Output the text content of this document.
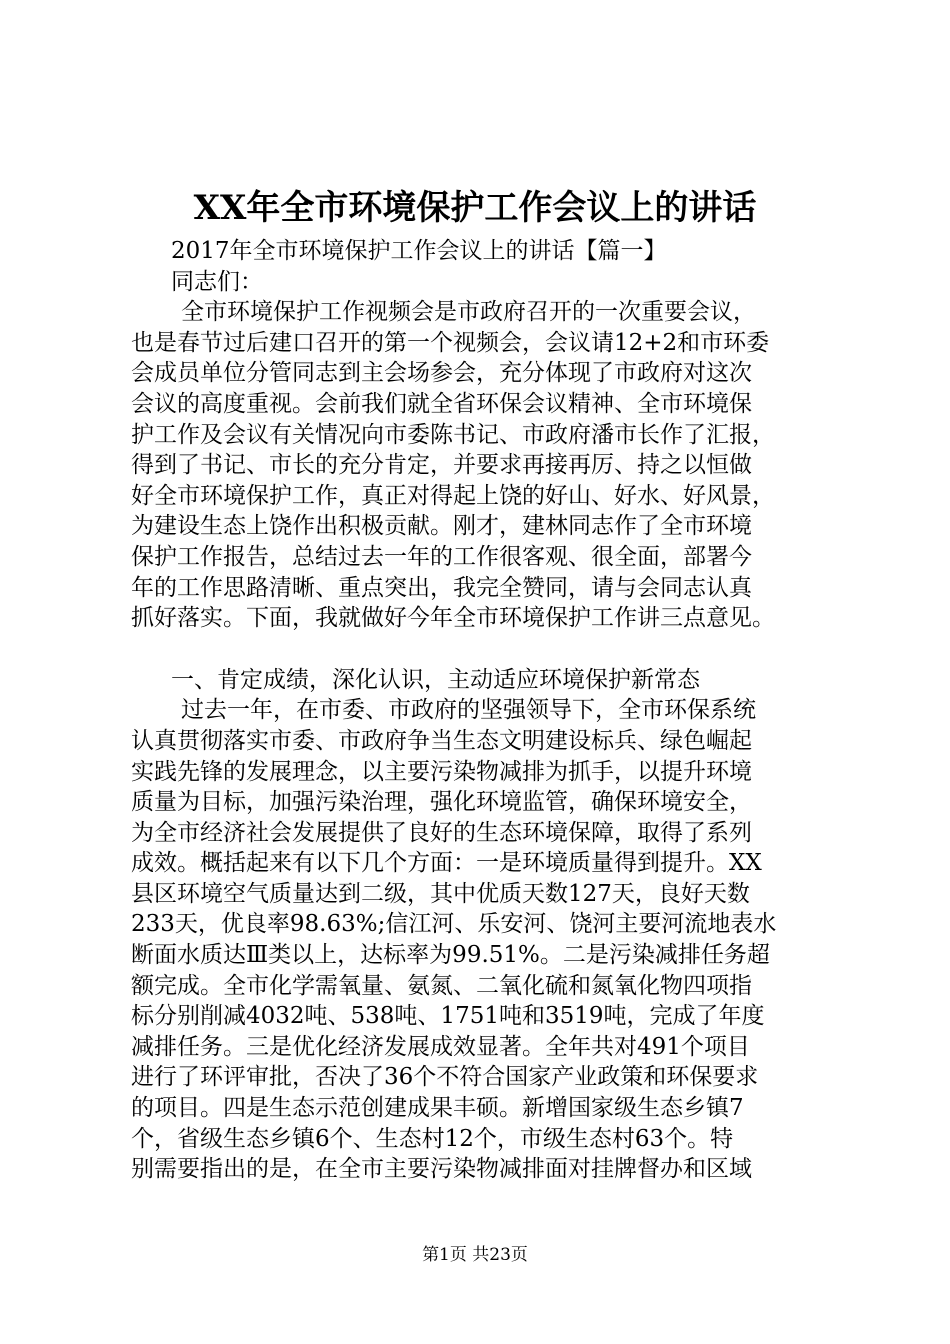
XX年全市环境保护工作会议上的讲话
2017年全市环境保护工作会议上的讲话【篇一】
同志们：
全市环境保护工作视频会是市政府召开的一次重要会议，
也是春节过后建口召开的第一个视频会，会议请12+2和市环委
会成员单位分管同志到主会场参会，充分体现了市政府对这次
会议的高度重视。会前我们就全省环保会议精神、全市环境保
护工作及会议有关情况向市委陈书记、市政府潘市长作了汇报，
得到了书记、市长的充分肯定，并要求再接再厉、持之以恒做
好全市环境保护工作，真正对得起上饶的好山、好水、好风景，
为建设生态上饶作出积极贡献。刚才，建林同志作了全市环境
保护工作报告，总结过去一年的工作很客观、很全面，部署今
年的工作思路清晰、重点突出，我完全赞同，请与会同志认真
抓好落实。下面，我就做好今年全市环境保护工作讲三点意见。
一、肯定成绩，深化认识，主动适应环境保护新常态
过去一年，在市委、市政府的坚强领导下，全市环保系统
认真贯彻落实市委、市政府争当生态文明建设标兵、绿色崛起
实践先锋的发展理念，以主要污染物减排为抓手，以提升环境
质量为目标，加强污染治理，强化环境监管，确保环境安全，
为全市经济社会发展提供了良好的生态环境保障，取得了系列
成效。概括起来有以下几个方面：一是环境质量得到提升。XX
县区环境空气质量达到二级，其中优质天数127天，良好天数
233天，优良率98.63%;信江河、乐安河、饶河主要河流地表水
断面水质达Ⅲ类以上，达标率为99.51%。二是污染减排任务超
额完成。全市化学需氧量、氨氮、二氧化硫和氮氧化物四项指
标分别削减4032吨、538吨、1751吨和3519吨，完成了年度
减排任务。三是优化经济发展成效显著。全年共对491个项目
进行了环评审批，否决了36个不符合国家产业政策和环保要求
的项目。四是生态示范创建成果丰硕。新增国家级生态乡镇7
个，省级生态乡镇6个、生态村12个，市级生态村63个。特
别需要指出的是，在全市主要污染物减排面对挂牌督办和区域
第1页 共23页
